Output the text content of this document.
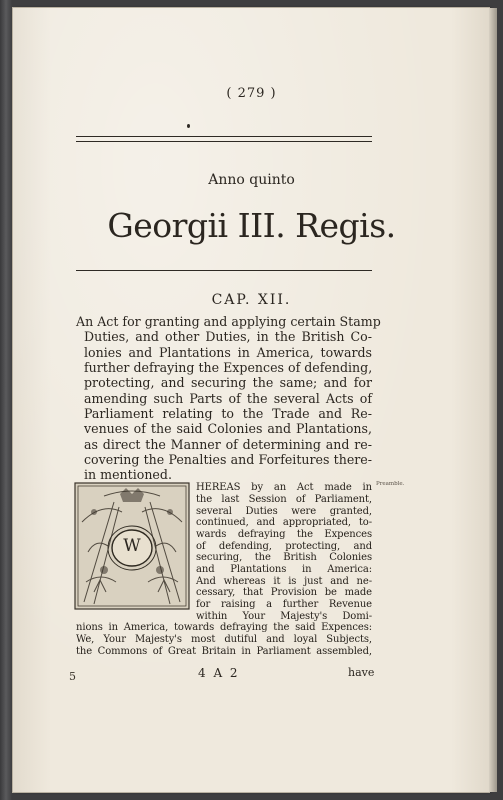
( 279 )
Anno quinto
Georgii III. Regis.
CAP. XII.
An Act for granting and applying certain Stamp
Duties, and other Duties, in the British Co-
lonies and Plantations in America, towards
further defraying the Expences of defending,
protecting, and securing the same; and for
amending such Parts of the several Acts of
Parliament relating to the Trade and Re-
venues of the said Colonies and Plantations,
as direct the Manner of determining and re-
covering the Penalties and Forfeitures there-
in mentioned.
W
HEREAS by an Act made in
the last Session of Parliament,
several Duties were granted,
continued, and appropriated, to-
wards defraying the Expences
of defending, protecting, and
securing, the British Colonies
and Plantations in America:
And whereas it is just and ne-
cessary, that Provision be made
for raising a further Revenue
within Your Majesty's Domi-
nions in America, towards defraying the said Expences:
We, Your Majesty's most dutiful and loyal Subjects,
the Commons of Great Britain in Parliament assembled,
Preamble.
4 A 2	have
5
